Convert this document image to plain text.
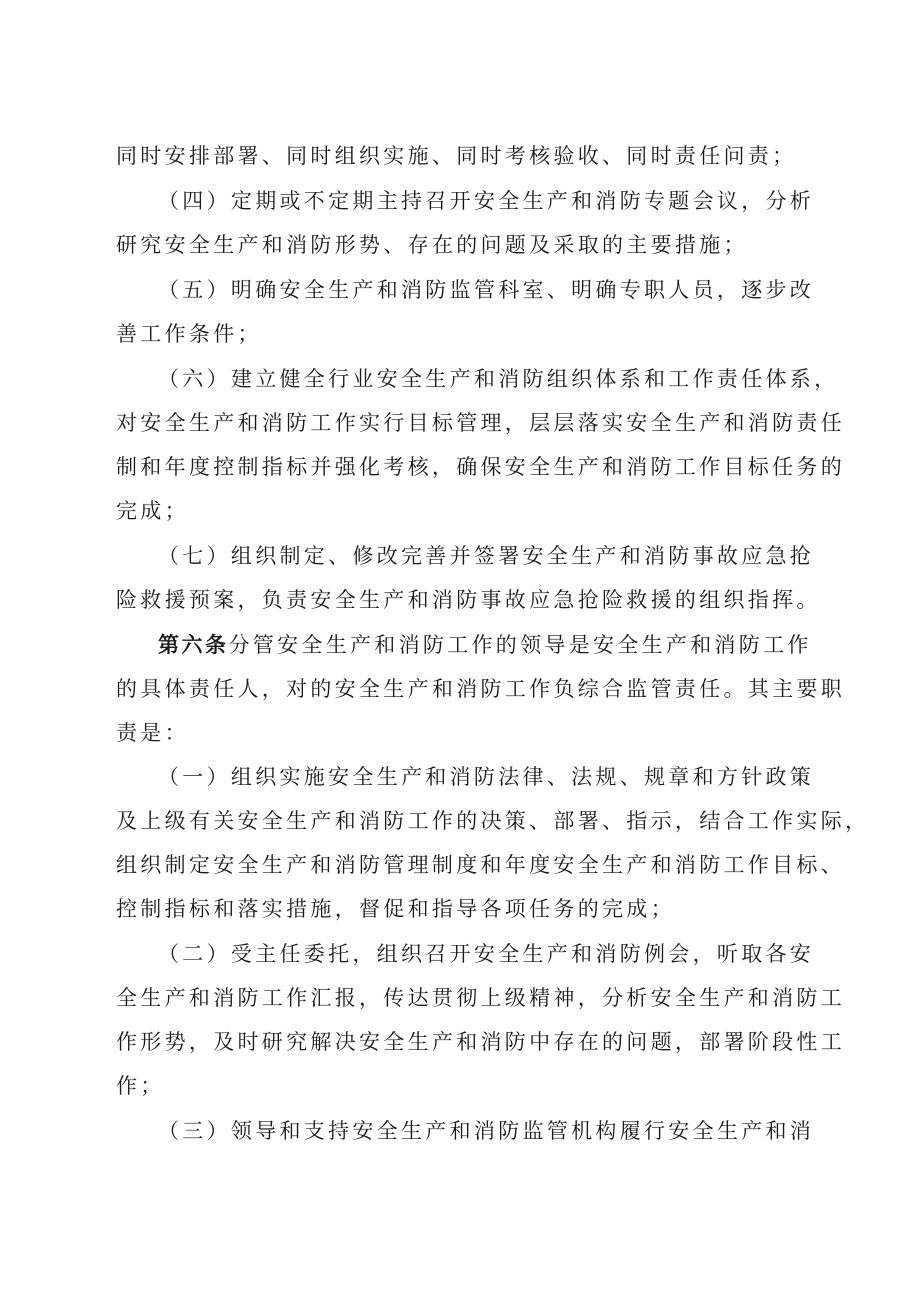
同时安排部署、同时组织实施、同时考核验收、同时责任问责；

（四）定期或不定期主持召开安全生产和消防专题会议，分析

研究安全生产和消防形势、存在的问题及采取的主要措施；

（五）明确安全生产和消防监管科室、明确专职人员，逐步改

善工作条件；

（六）建立健全行业安全生产和消防组织体系和工作责任体系，

对安全生产和消防工作实行目标管理，层层落实安全生产和消防责任

制和年度控制指标并强化考核，确保安全生产和消防工作目标任务的

完成；

（七）组织制定、修改完善并签署安全生产和消防事故应急抢

险救援预案，负责安全生产和消防事故应急抢险救援的组织指挥。

第六条分管安全生产和消防工作的领导是安全生产和消防工作

的具体责任人，对的安全生产和消防工作负综合监管责任。其主要职

责是：

（一）组织实施安全生产和消防法律、法规、规章和方针政策

及上级有关安全生产和消防工作的决策、部署、指示，结合工作实际，

组织制定安全生产和消防管理制度和年度安全生产和消防工作目标、

控制指标和落实措施，督促和指导各项任务的完成；

（二）受主任委托，组织召开安全生产和消防例会，听取各安

全生产和消防工作汇报，传达贯彻上级精神，分析安全生产和消防工

作形势，及时研究解决安全生产和消防中存在的问题，部署阶段性工

作；

（三）领导和支持安全生产和消防监管机构履行安全生产和消
